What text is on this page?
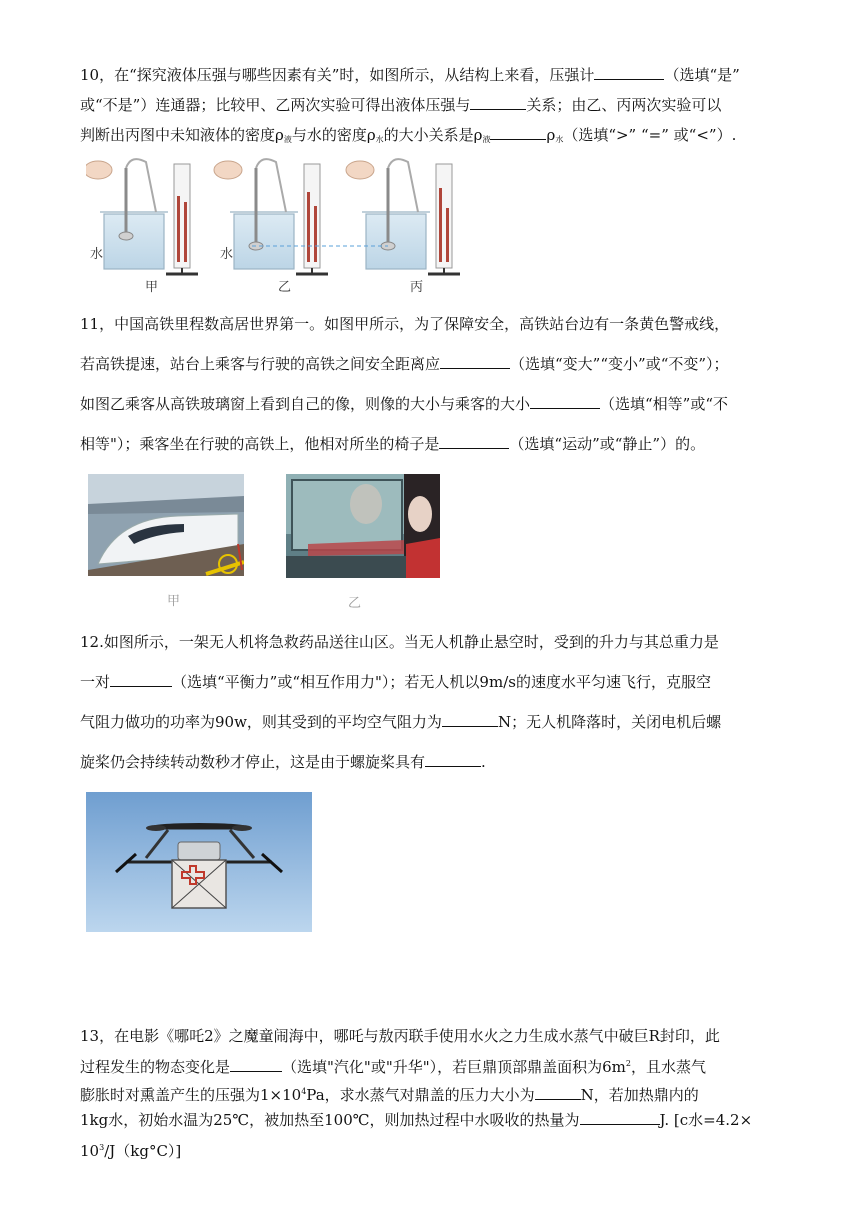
10，在“探究液体压强与哪些因素有关”时，如图所示，从结构上来看，压强计	（选填“是”
或“不是”）连通器；比较甲、乙两次实验可得出液体压强与	关系；由乙、丙两次实验可以
判断出丙图中未知液体的密度$\rho_液$与水的密度$\rho_水$的大小关系是$\rho_液$	$\rho_水$（选填“>” “=” 或“<”）.
水	水
甲	乙	丙
11，中国高铁里程数高居世界第一。如图甲所示，为了保障安全，高铁站台边有一条黄色警戒线，
若高铁提速，站台上乘客与行驶的高铁之间安全距离应	（选填“变大”“变小”或“不变”）；
如图乙乘客从高铁玻璃窗上看到自己的像，则像的大小与乘客的大小	（选填“相等”或“不
相等"）；乘客坐在行驶的高铁上，他相对所坐的椅子是	（选填“运动”或“静止”）的。
甲	乙
12.如图所示，一架无人机将急救药品送往山区。当无人机静止悬空时，受到的升力与其总重力是
一对	（选填“平衡力”或“相互作用力"）；若无人机以9m/s的速度水平匀速飞行，克服空
气阻力做功的功率为90w，则其受到的平均空气阻力为	N；无人机降落时，关闭电机后螺
旋桨仍会持续转动数秒才停止，这是由于螺旋桨具有	.
13，在电影《哪吒2》之魔童闹海中，哪吒与敖丙联手使用水火之力生成水蒸气中破巨R封印，此
过程发生的物态变化是	（选填"汽化"或"升华"），若巨鼎顶部鼎盖面积为$6m^2$，且水蒸气
膨胀时对熏盖产生的压强为$1\times 10^4Pa$，求水蒸气对鼎盖的压力大小为	N，若加热鼎内的
1kg水，初始水温为25℃，被加热至100℃，则加热过程中水吸收的热量为	J. [c水=4.2×
$10^3/J(kg^\circ C)$]
